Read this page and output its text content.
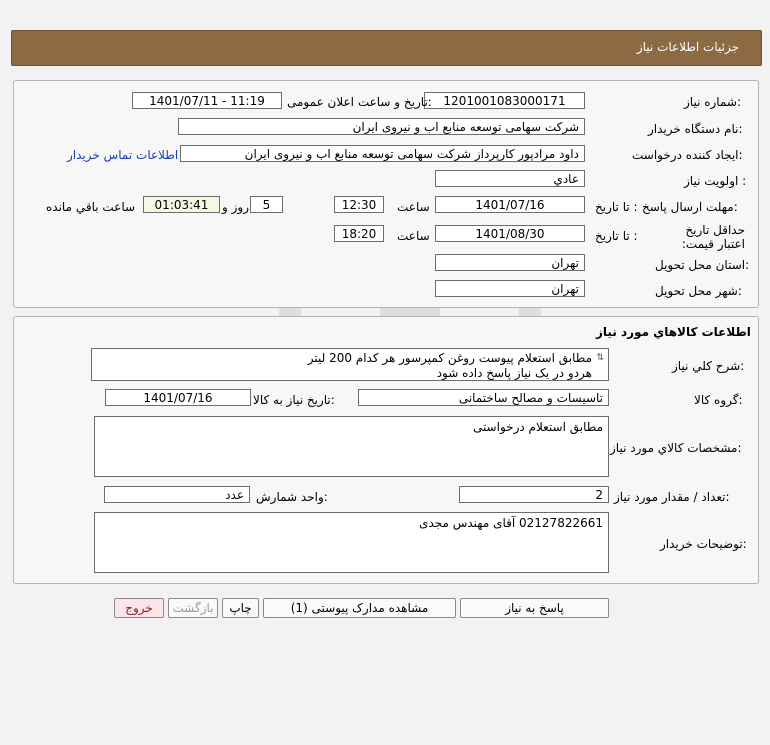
جزئیات اطلاعات نیاز
شماره نیاز:
1201001083000171
تاریخ و ساعت اعلان عمومی:
1401/07/11 - 11:19
نام دستگاه خریدار:
شرکت سهامی توسعه منابع اب و نیروی ایران
ایجاد کننده درخواست:
داود مرادپور کارپرداز شرکت سهامی توسعه منابع اب و نیروی ایران
اطلاعات تماس خریدار
اولویت نیاز :
عادي
مهلت ارسال پاسخ:
تا تاریخ :
1401/07/16
ساعت
12:30
5
روز و
01:03:41
ساعت باقي مانده
حداقل تاریخ اعتبار قیمت:
تا تاریخ :
1401/08/30
ساعت
18:20
استان محل تحویل:
تهران
شهر محل تحویل:
تهران
اطلاعات كالاهاي مورد نياز
شرح كلي نياز:
مطابق استعلام پیوست روغن کمپرسور هر کدام 200 لیتر
هردو در یک نیاز پاسخ داده شود
⇅
گروه کالا:
تاسیسات و مصالح ساختمانی
تاریخ نیاز به کالا:
1401/07/16
مشخصات كالاي مورد نياز:
مطابق استعلام درخواستی
تعداد / مقدار مورد نیاز:
2
واحد شمارش:
عدد
توضیحات خریدار:
02127822661 آقای مهندس مجدی
پاسخ به نیاز
مشاهده مدارک پیوستی (1)
چاپ
بازگشت
خروج
